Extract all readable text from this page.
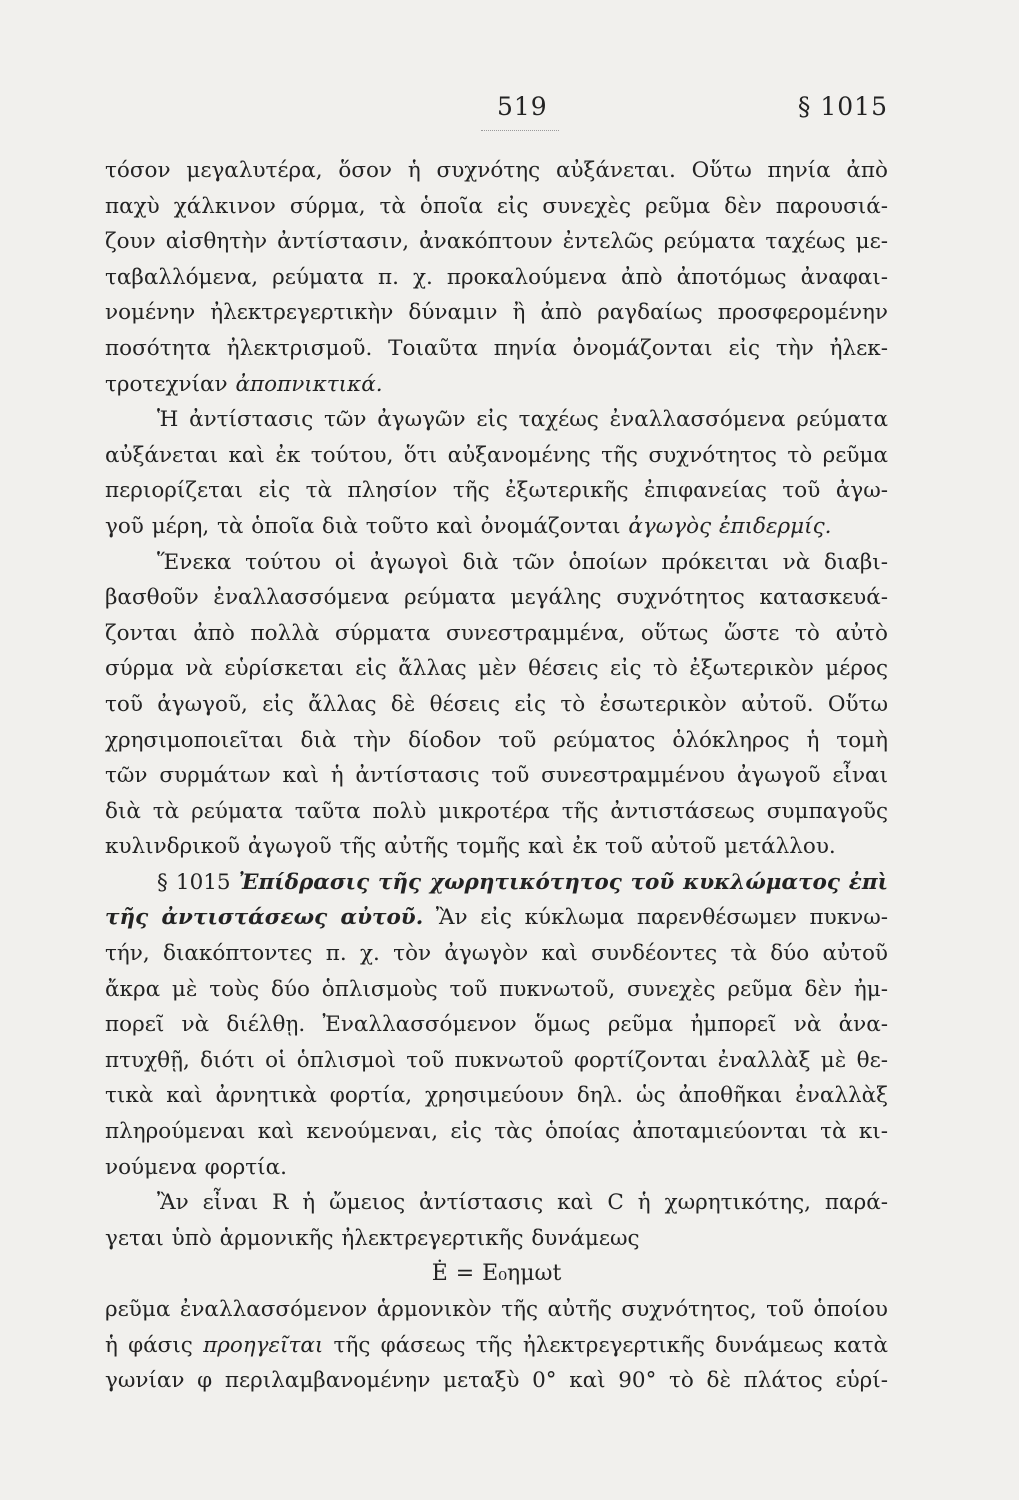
519	§ 1015
τόσον μεγαλυτέρα, ὅσον ἡ συχνότης αὐξάνεται. Οὕτω πηνία ἀπὸ
παχὺ χάλκινον σύρμα, τὰ ὁποῖα εἰς συνεχὲς ρεῦμα δὲν παρουσιά-
ζουν αἰσθητὴν ἀντίστασιν, ἀνακόπτουν ἐντελῶς ρεύματα ταχέως με-
ταβαλλόμενα, ρεύματα π. χ. προκαλούμενα ἀπὸ ἀποτόμως ἀναφαι-
νομένην ἠλεκτρεγερτικὴν δύναμιν ἢ ἀπὸ ραγδαίως προσφερομένην
ποσότητα ἠλεκτρισμοῦ. Τοιαῦτα πηνία ὀνομάζονται εἰς τὴν ἠλεκ-
τροτεχνίαν ἀποπνικτικά.
Ἡ ἀντίστασις τῶν ἀγωγῶν εἰς ταχέως ἐναλλασσόμενα ρεύματα
αὐξάνεται καὶ ἐκ τούτου, ὅτι αὐξανομένης τῆς συχνότητος τὸ ρεῦμα
περιορίζεται εἰς τὰ πλησίον τῆς ἐξωτερικῆς ἐπιφανείας τοῦ ἀγω-
γοῦ μέρη, τὰ ὁποῖα διὰ τοῦτο καὶ ὀνομάζονται ἀγωγὸς ἐπιδερμίς.
Ἕνεκα τούτου οἱ ἀγωγοὶ διὰ τῶν ὁποίων πρόκειται νὰ διαβι-
βασθοῦν ἐναλλασσόμενα ρεύματα μεγάλης συχνότητος κατασκευά-
ζονται ἀπὸ πολλὰ σύρματα συνεστραμμένα, οὕτως ὥστε τὸ αὐτὸ
σύρμα νὰ εὑρίσκεται εἰς ἄλλας μὲν θέσεις εἰς τὸ ἐξωτερικὸν μέρος
τοῦ ἀγωγοῦ, εἰς ἄλλας δὲ θέσεις εἰς τὸ ἐσωτερικὸν αὐτοῦ. Οὕτω
χρησιμοποιεῖται διὰ τὴν δίοδον τοῦ ρεύματος ὁλόκληρος ἡ τομὴ
τῶν συρμάτων καὶ ἡ ἀντίστασις τοῦ συνεστραμμένου ἀγωγοῦ εἶναι
διὰ τὰ ρεύματα ταῦτα πολὺ μικροτέρα τῆς ἀντιστάσεως συμπαγοῦς
κυλινδρικοῦ ἀγωγοῦ τῆς αὐτῆς τομῆς καὶ ἐκ τοῦ αὐτοῦ μετάλλου.
§ 1015 Ἐπίδρασις τῆς χωρητικότητος τοῦ κυκλώματος ἐπὶ
τῆς ἀντιστάσεως αὐτοῦ. Ἂν εἰς κύκλωμα παρενθέσωμεν πυκνω-
τήν, διακόπτοντες π. χ. τὸν ἀγωγὸν καὶ συνδέοντες τὰ δύο αὐτοῦ
ἄκρα μὲ τοὺς δύο ὁπλισμοὺς τοῦ πυκνωτοῦ, συνεχὲς ρεῦμα δὲν ἠμ-
πορεῖ νὰ διέλθῃ. Ἐναλλασσόμενον ὅμως ρεῦμα ἠμπορεῖ νὰ ἀνα-
πτυχθῇ, διότι οἱ ὁπλισμοὶ τοῦ πυκνωτοῦ φορτίζονται ἐναλλὰξ μὲ θε-
τικὰ καὶ ἀρνητικὰ φορτία, χρησιμεύουν δηλ. ὡς ἀποθῆκαι ἐναλλὰξ
πληρούμεναι καὶ κενούμεναι, εἰς τὰς ὁποίας ἀποταμιεύονται τὰ κι-
νούμενα φορτία.
Ἂν εἶναι R ἡ ὤμειος ἀντίστασις καὶ C ἡ χωρητικότης, παρά-
γεται ὑπὸ ἁρμονικῆς ἠλεκτρεγερτικῆς δυνάμεως
Ė = E₀ημωt
ρεῦμα ἐναλλασσόμενον ἁρμονικὸν τῆς αὐτῆς συχνότητος, τοῦ ὁποίου
ἡ φάσις προηγεῖται τῆς φάσεως τῆς ἠλεκτρεγερτικῆς δυνάμεως κατὰ
γωνίαν φ περιλαμβανομένην μεταξὺ 0° καὶ 90° τὸ δὲ πλάτος εὑρί-
